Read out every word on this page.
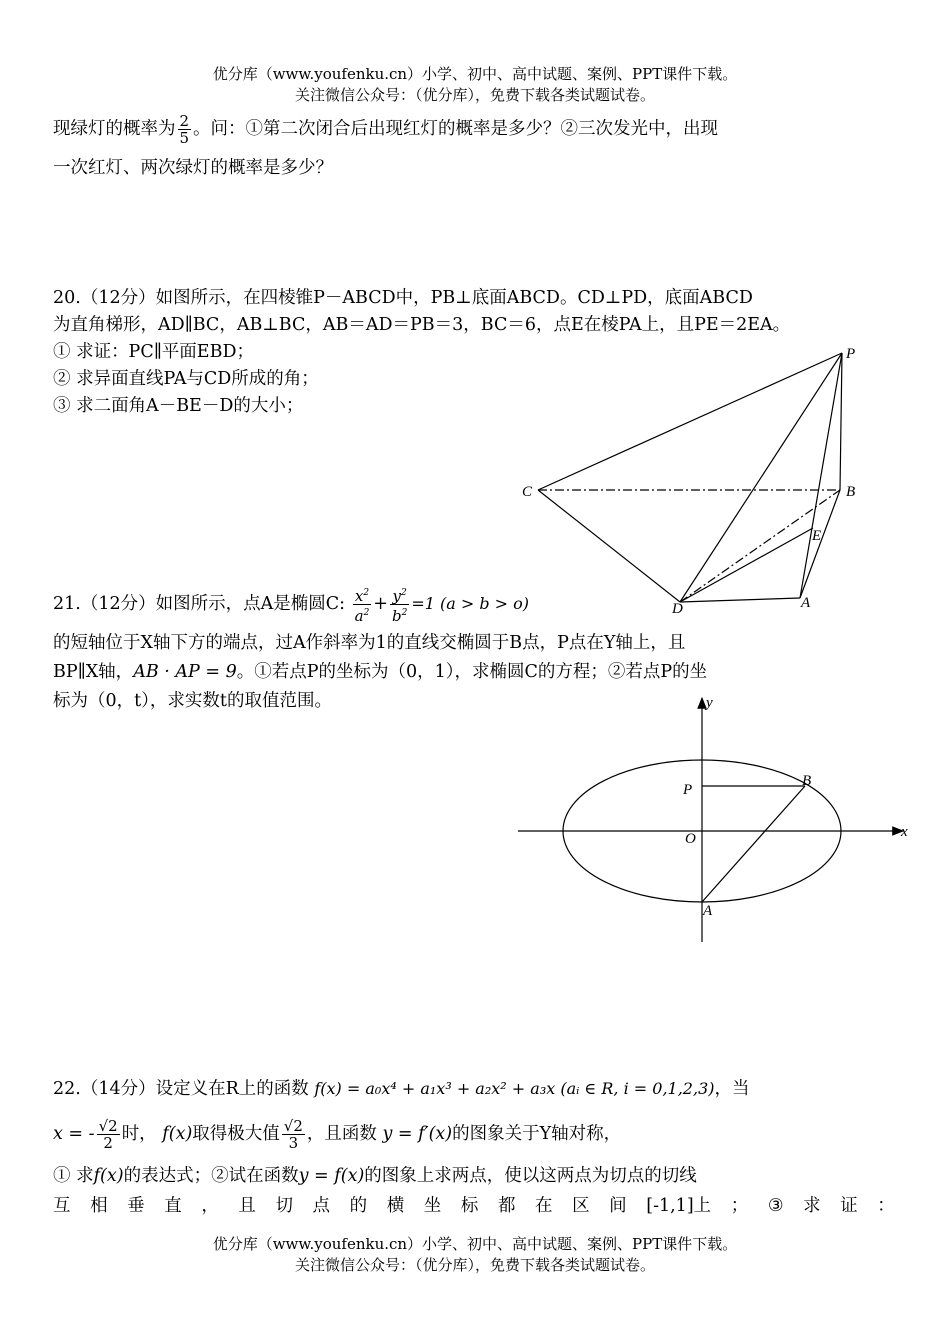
优分库（www.youfenku.cn）小学、初中、高中试题、案例、PPT课件下载。
关注微信公众号：（优分库），免费下载各类试题试卷。
现绿灯的概率为 $\frac{2}{5}$ 。问：①第二次闭合后出现红灯的概率是多少？②三次发光中，出现
一次红灯、两次绿灯的概率是多少？
20.（12分）如图所示，在四棱锥P－ABCD中，PB⊥底面ABCD。CD⊥PD，底面ABCD
为直角梯形，AD∥BC，AB⊥BC，AB＝AD＝PB＝3，BC＝6，点E在棱PA上，且PE＝2EA。
① 求证：PC∥平面EBD；
② 求异面直线PA与CD所成的角；
③ 求二面角A－BE－D的大小；
P
B
C
D	A
E
21.（12分）如图所示，点A是椭圆C: $\frac{x^2}{a^2} + \frac{y^2}{b^2} =1$ (a > b > o)
的短轴位于X轴下方的端点，过A作斜率为1的直线交椭圆于B点，P点在Y轴上，且
BP∥X轴，AB · AP = 9。①若点P的坐标为（0，1），求椭圆C的方程；②若点P的坐
标为（0，t），求实数t的取值范围。	y
x
O
P
B
A
22.（14分）设定义在R上的函数 f(x) = a₀x⁴ + a₁x³ + a₂x² + a₃x (aᵢ ∈ R, i = 0,1,2,3)，当
x = - $\frac{√2}{2}$ 时， f(x)取得极大值 $\frac{√2}{3}$ ，且函数 y = f′(x)的图象关于Y轴对称，
① 求f(x)的表达式；②试在函数y = f(x)的图象上求两点，使以这两点为切点的切线
互 相 垂 直 ， 且 切 点 的 横 坐 标 都 在 区 间 [-1,1]上 ； ③ 求 证 ：
优分库（www.youfenku.cn）小学、初中、高中试题、案例、PPT课件下载。
关注微信公众号：（优分库），免费下载各类试题试卷。
